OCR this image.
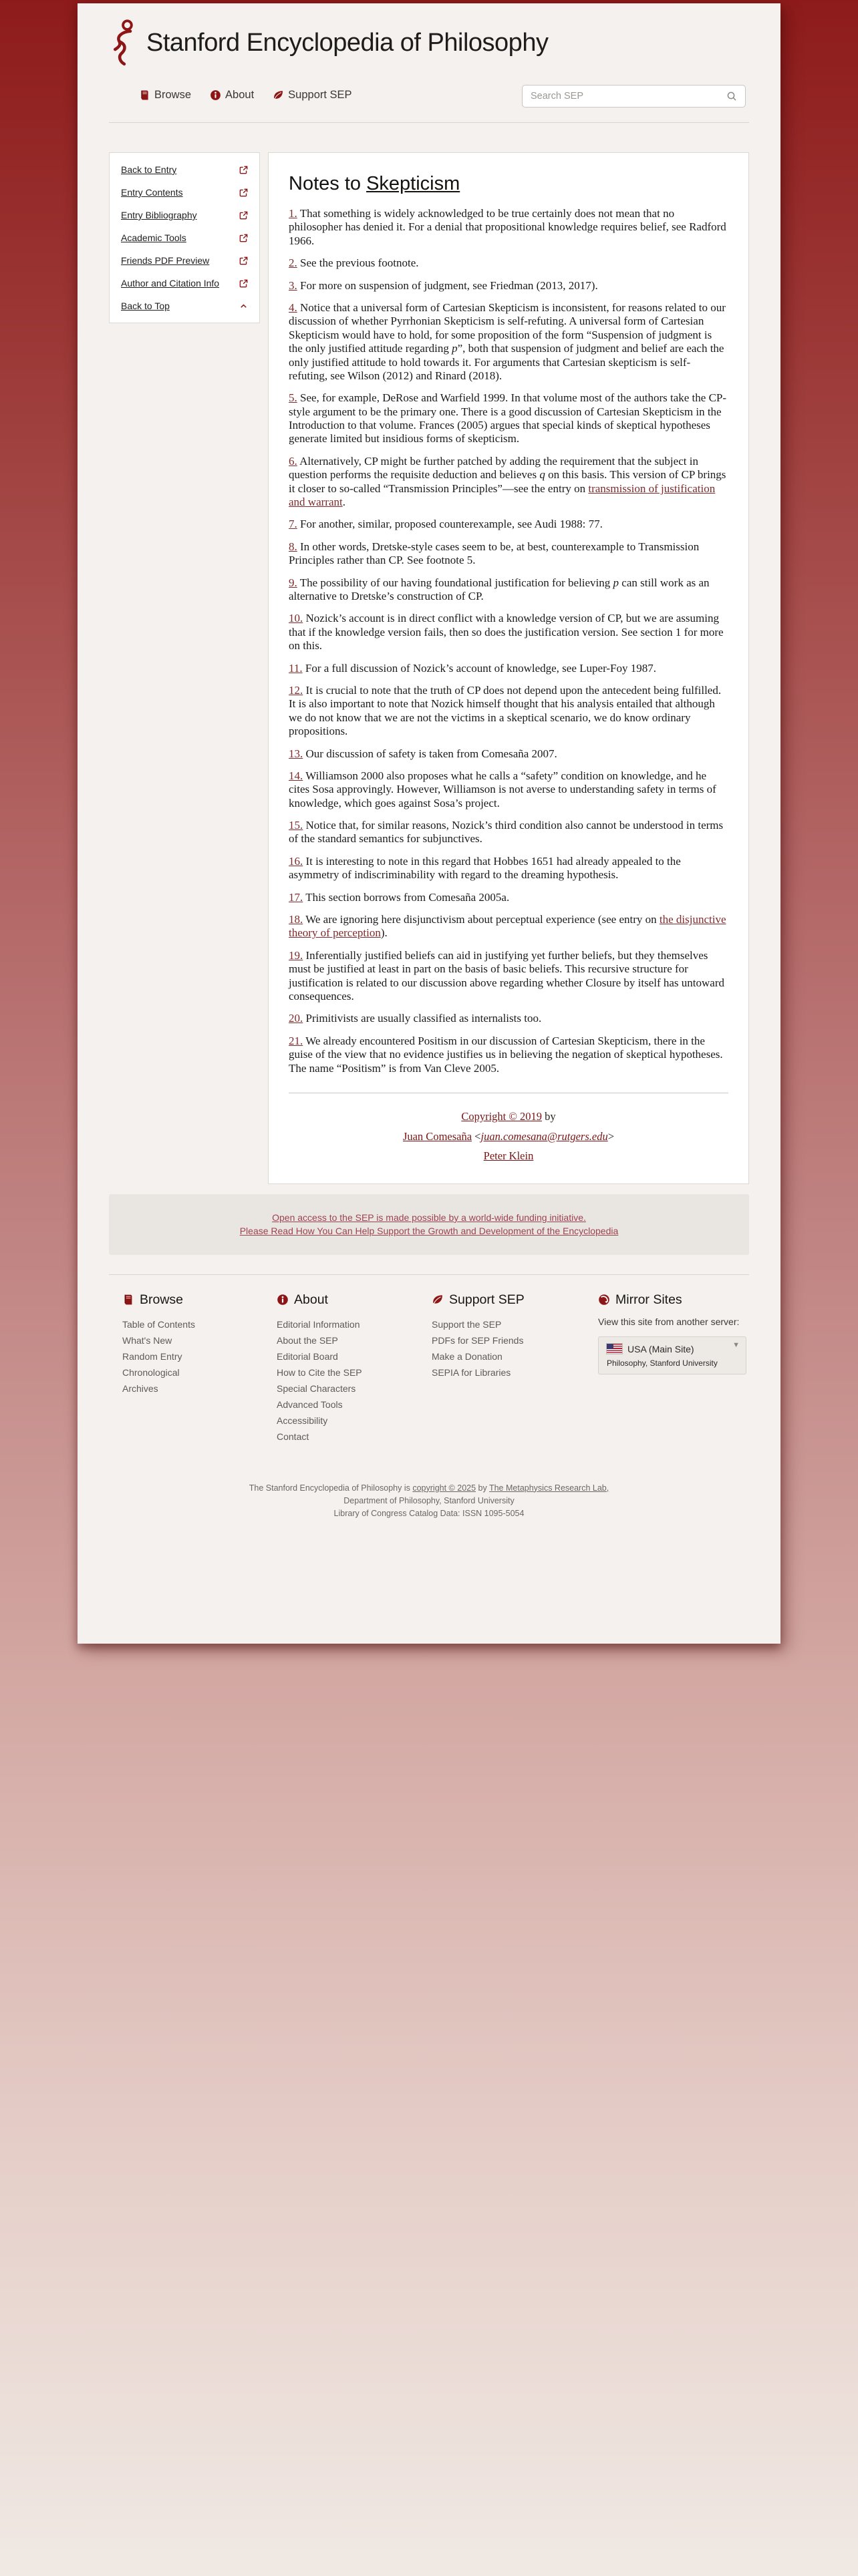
Stanford Encyclopedia of Philosophy
Browse	About	Support SEP
Search SEP
Back to Entry
Entry Contents
Entry Bibliography
Academic Tools
Friends PDF Preview
Author and Citation Info
Back to Top
Notes to Skepticism

1. That something is widely acknowledged to be true certainly does not mean that no philosopher has denied it. For a denial that propositional knowledge requires belief, see Radford 1966.

2. See the previous footnote.

3. For more on suspension of judgment, see Friedman (2013, 2017).

4. Notice that a universal form of Cartesian Skepticism is inconsistent, for reasons related to our discussion of whether Pyrrhonian Skepticism is self-refuting. A universal form of Cartesian Skepticism would have to hold, for some proposition of the form “Suspension of judgment is the only justified attitude regarding p”, both that suspension of judgment and belief are each the only justified attitude to hold towards it. For arguments that Cartesian skepticism is self-refuting, see Wilson (2012) and Rinard (2018).

5. See, for example, DeRose and Warfield 1999. In that volume most of the authors take the CP-style argument to be the primary one. There is a good discussion of Cartesian Skepticism in the Introduction to that volume. Frances (2005) argues that special kinds of skeptical hypotheses generate limited but insidious forms of skepticism.

6. Alternatively, CP might be further patched by adding the requirement that the subject in question performs the requisite deduction and believes q on this basis. This version of CP brings it closer to so-called “Transmission Principles”—see the entry on transmission of justification and warrant.

7. For another, similar, proposed counterexample, see Audi 1988: 77.

8. In other words, Dretske-style cases seem to be, at best, counterexample to Transmission Principles rather than CP. See footnote 5.

9. The possibility of our having foundational justification for believing p can still work as an alternative to Dretske’s construction of CP.

10. Nozick’s account is in direct conflict with a knowledge version of CP, but we are assuming that if the knowledge version fails, then so does the justification version. See section 1 for more on this.

11. For a full discussion of Nozick’s account of knowledge, see Luper-Foy 1987.

12. It is crucial to note that the truth of CP does not depend upon the antecedent being fulfilled. It is also important to note that Nozick himself thought that his analysis entailed that although we do not know that we are not the victims in a skeptical scenario, we do know ordinary propositions.

13. Our discussion of safety is taken from Comesaña 2007.

14. Williamson 2000 also proposes what he calls a “safety” condition on knowledge, and he cites Sosa approvingly. However, Williamson is not averse to understanding safety in terms of knowledge, which goes against Sosa’s project.

15. Notice that, for similar reasons, Nozick’s third condition also cannot be understood in terms of the standard semantics for subjunctives.

16. It is interesting to note in this regard that Hobbes 1651 had already appealed to the asymmetry of indiscriminability with regard to the dreaming hypothesis.

17. This section borrows from Comesaña 2005a.

18. We are ignoring here disjunctivism about perceptual experience (see entry on the disjunctive theory of perception).

19. Inferentially justified beliefs can aid in justifying yet further beliefs, but they themselves must be justified at least in part on the basis of basic beliefs. This recursive structure for justification is related to our discussion above regarding whether Closure by itself has untoward consequences.

20. Primitivists are usually classified as internalists too.

21. We already encountered Positism in our discussion of Cartesian Skepticism, there in the guise of the view that no evidence justifies us in believing the negation of skeptical hypotheses. The name “Positism” is from Van Cleve 2005.

Copyright © 2019 by
Juan Comesaña <juan.comesana@rutgers.edu>
Peter Klein
Open access to the SEP is made possible by a world-wide funding initiative.
Please Read How You Can Help Support the Growth and Development of the Encyclopedia
Browse
Table of Contents
What's New
Random Entry
Chronological
Archives
About
Editorial Information
About the SEP
Editorial Board
How to Cite the SEP
Special Characters
Advanced Tools
Accessibility
Contact
Support SEP
Support the SEP
PDFs for SEP Friends
Make a Donation
SEPIA for Libraries
Mirror Sites
View this site from another server:
USA (Main Site)
Philosophy, Stanford University
▼
The Stanford Encyclopedia of Philosophy is copyright © 2025 by The Metaphysics Research Lab,
Department of Philosophy, Stanford University
Library of Congress Catalog Data: ISSN 1095-5054
